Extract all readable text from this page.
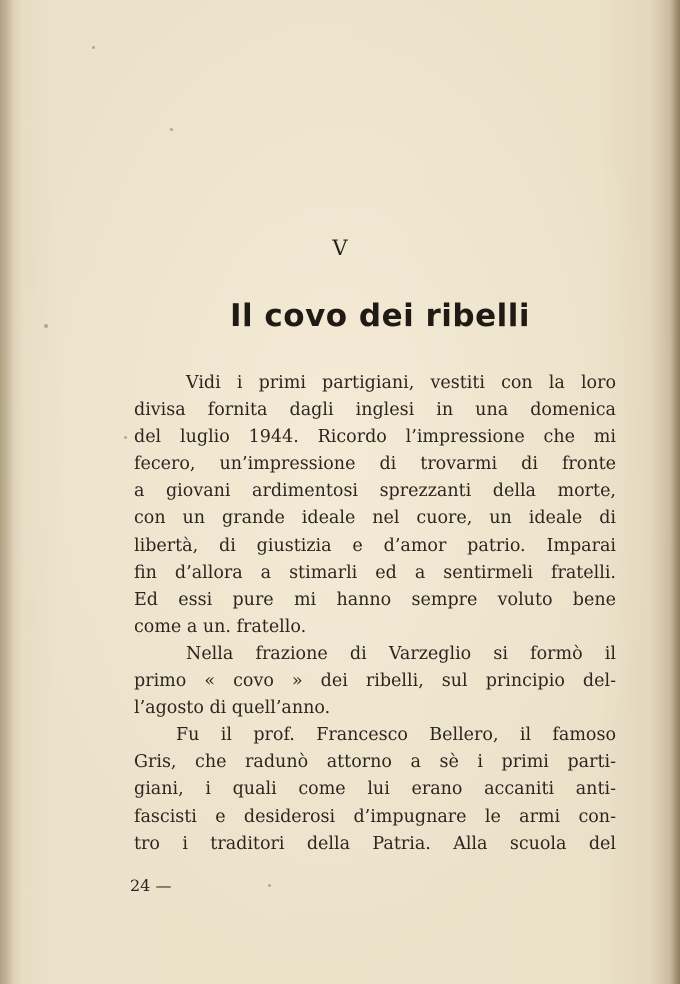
V
Il covo dei ribelli
Vidi i primi partigiani, vestiti con la loro
divisa fornita dagli inglesi in una domenica
del luglio 1944. Ricordo l’impressione che mi
fecero, un’impressione di trovarmi di fronte
a giovani ardimentosi sprezzanti della morte,
con un grande ideale nel cuore, un ideale di
libertà, di giustizia e d’amor patrio. Imparai
fin d’allora a stimarli ed a sentirmeli fratelli.
Ed essi pure mi hanno sempre voluto bene
come a un. fratello.
Nella frazione di Varzeglio si formò il
primo « covo » dei ribelli, sul principio del-
l’agosto di quell’anno.
Fu il prof. Francesco Bellero, il famoso
Gris, che radunò attorno a sè i primi parti-
giani, i quali come lui erano accaniti anti-
fascisti e desiderosi d’impugnare le armi con-
tro i traditori della Patria. Alla scuola del
24 —
